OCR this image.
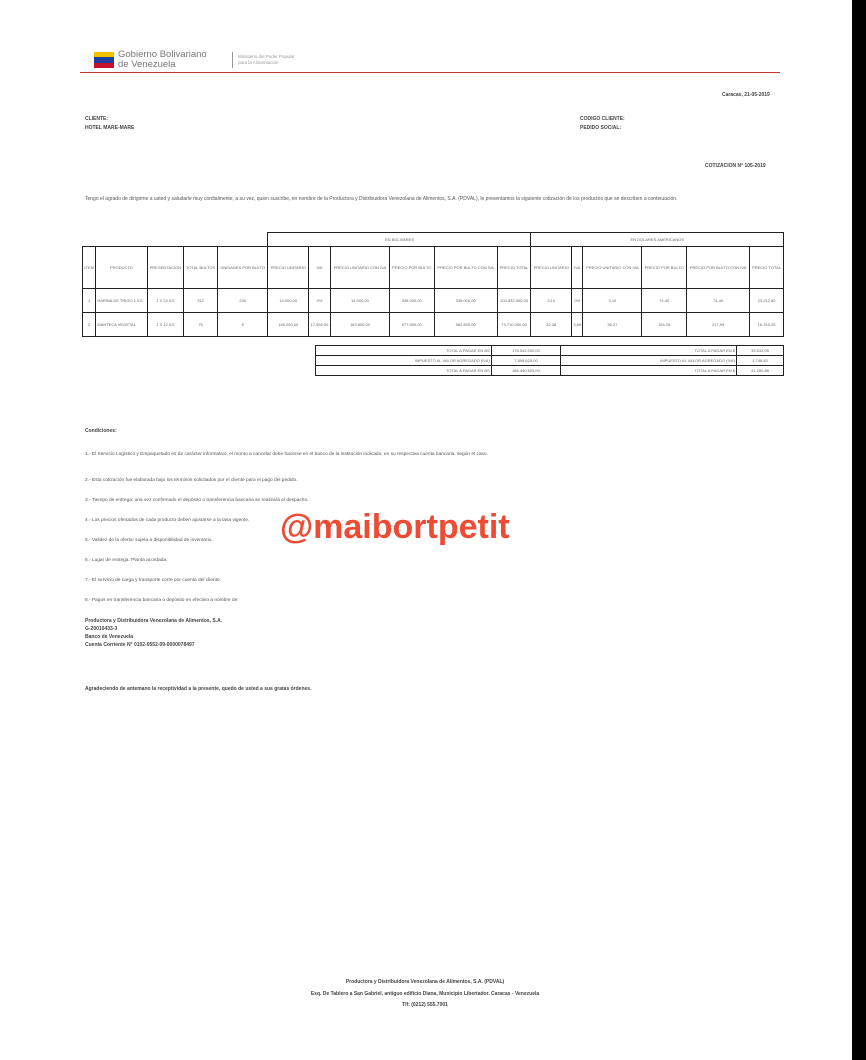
Gobierno Bolivariano
de Venezuela
Ministerio del Poder Popular
para la Alimentación
Caracas, 21-05-2019
CLIENTE:
HOTEL MARE-MARE
CODIGO CLIENTE:
PEDIDO SOCIAL:
COTIZACION N° 105-2019
Tengo el agrado de dirigirme a usted y saludarle muy cordialmente, a su vez, quien suscribe, en nombre de la Productora y Distribuidora Venezolana de Alimentos, S.A. (PDVAL), le presentamos la siguiente cotización de los productos que se describen a continuación.
					EN BOLIVARES						EN DOLARES AMERICANOS					
ITEM	PRODUCTO	PRESENTACION	TOTAL BULTOS	UNIDADES POR BULTO	PRECIO UNITARIO	IVA	PRECIO UNITARIO CON IVA	PRECIO POR BULTO	PRECIO POR BULTO CON IVA	PRECIO TOTAL	PRECIO UNITARIO	IVA	PRECIO UNITARIO CON IVA	PRECIO POR BULTO	PRECIO POR BULTO CON IVA	PRECIO TOTAL
1	HARINA DE TRIGO 1 KG	1 X 24 KG	312	240	14.000,00	0%	14.000,00	336.000,00	336.000,00	104.832.000,00	3,10	0%	3,10	74,40	74,40	23.212,80
2	MANTECA VEGETAL	1 X 12 KG	75	6	146.250,00	17.550,00	163.800,00	877.500,00	982.800,00	73.710.000,00	32,38	3,89	36,27	194,28	217,59	16.319,25
TOTAL A PAGAR EN BS	178.542.000,00	TOTAL A PAGAR EN $	39.532,05
IMPUESTO AL VALOR AGREGADO (IVA)	7.898.625,00	IMPUESTO AL VALOR AGREGADO (IVA)	1.748,83
TOTAL A PAGAR EN BS	186.440.625,00	TOTAL A PAGAR EN $	41.280,88
@maibortpetit
Condiciones:
1.- El Servicio Logístico y Empaquetado es de carácter informativo, el monto a cancelar debe hacerse en el banco de la institución indicado, en su respectiva cuenta bancaria, según el caso.
2.- Esta cotización fue elaborada bajo los términos solicitados por el cliente para el pago del pedido.
3.- Tiempo de entrega: una vez confirmado el depósito o transferencia bancaria se realizará el despacho.
4.- Los precios ofertados de cada producto deben ajustarse a la tasa vigente.
5.- Validez de la oferta: sujeta a disponibilidad de inventario.
6.- Lugar de entrega: Planta acordada.
7.- El servicio de carga y transporte corre por cuenta del cliente.
8.- Pagos en transferencia bancaria o depósito en efectivo a nombre de:
Productora y Distribuidora Venezolana de Alimentos, S.A.
G-20010433-3
Banco de Venezuela
Cuenta Corriente N° 0102-0552-09-0000078497
Agradeciendo de antemano la receptividad a la presente, quedo de usted a sus gratas órdenes.
Productora y Distribuidora Venezolana de Alimentos, S.A. (PDVAL)
Esq. De Tablero a San Gabriel, antiguo edificio Diana, Municipio Libertador. Caracas - Venezuela
Tlf: (0212) 555.7001
